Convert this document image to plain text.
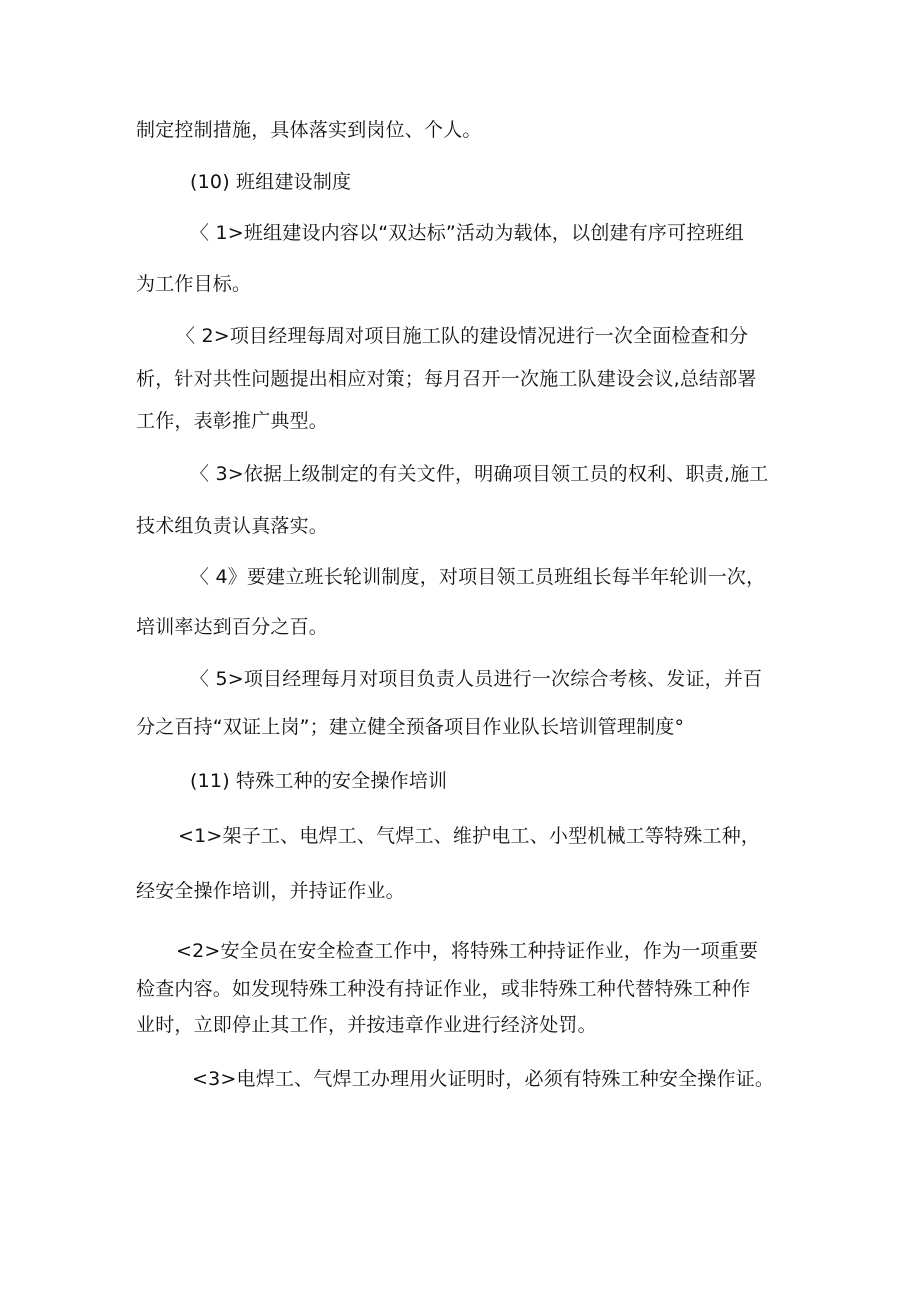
制定控制措施，具体落实到岗位、个人。

(10) 班组建设制度

〈 1>班组建设内容以“双达标”活动为载体，以创建有序可控班组

为工作目标。

〈 2>项目经理每周对项目施工队的建设情况进行一次全面检查和分

析，针对共性问题提出相应对策；每月召开一次施工队建设会议,总结部署

工作，表彰推广典型。

〈 3>依据上级制定的有关文件，明确项目领工员的权利、职责,施工

技术组负责认真落实。

〈 4》要建立班长轮训制度，对项目领工员班组长每半年轮训一次，

培训率达到百分之百。

〈 5>项目经理每月对项目负责人员进行一次综合考核、发证，并百

分之百持“双证上岗”；建立健全预备项目作业队长培训管理制度°

(11) 特殊工种的安全操作培训

<1>架子工、电焊工、气焊工、维护电工、小型机械工等特殊工种，

经安全操作培训，并持证作业。

<2>安全员在安全检查工作中，将特殊工种持证作业，作为一项重要

检查内容。如发现特殊工种没有持证作业，或非特殊工种代替特殊工种作

业时，立即停止其工作，并按违章作业进行经济处罚。

<3>电焊工、气焊工办理用火证明时，必须有特殊工种安全操作证。
